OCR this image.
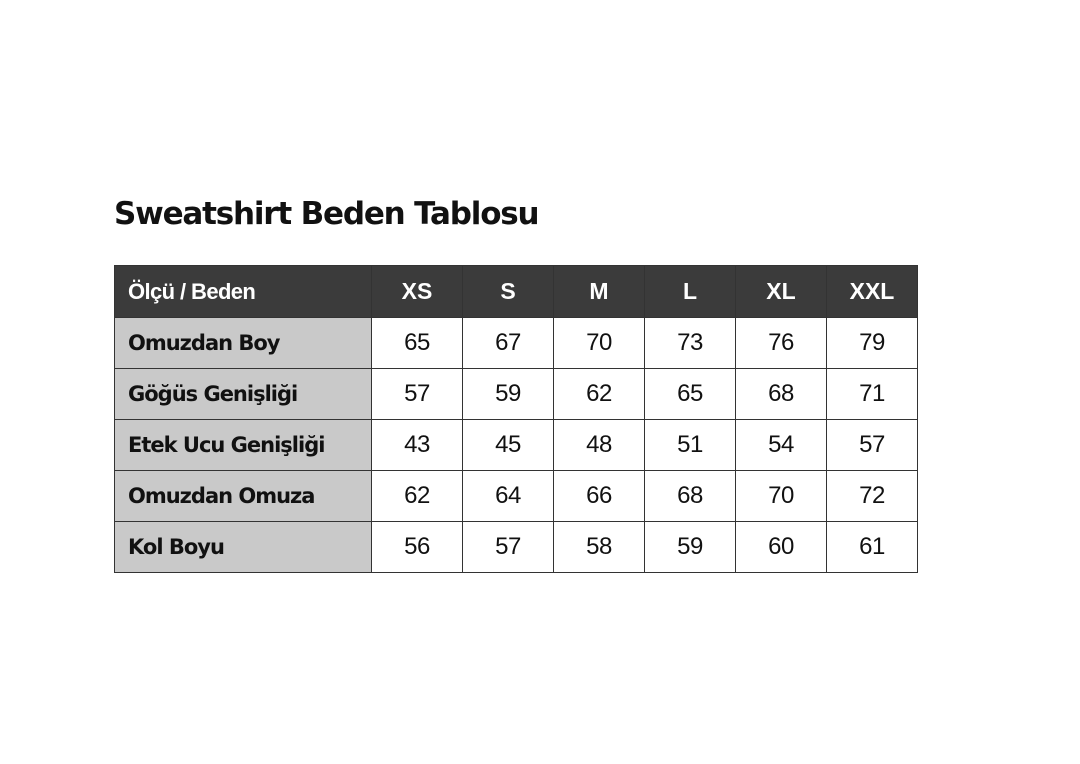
Sweatshirt Beden Tablosu
Ölçü / Beden	XS	S	M	L	XL	XXL
Omuzdan Boy	65	67	70	73	76	79
Göğüs Genişliği	57	59	62	65	68	71
Etek Ucu Genişliği	43	45	48	51	54	57
Omuzdan Omuza	62	64	66	68	70	72
Kol Boyu	56	57	58	59	60	61
